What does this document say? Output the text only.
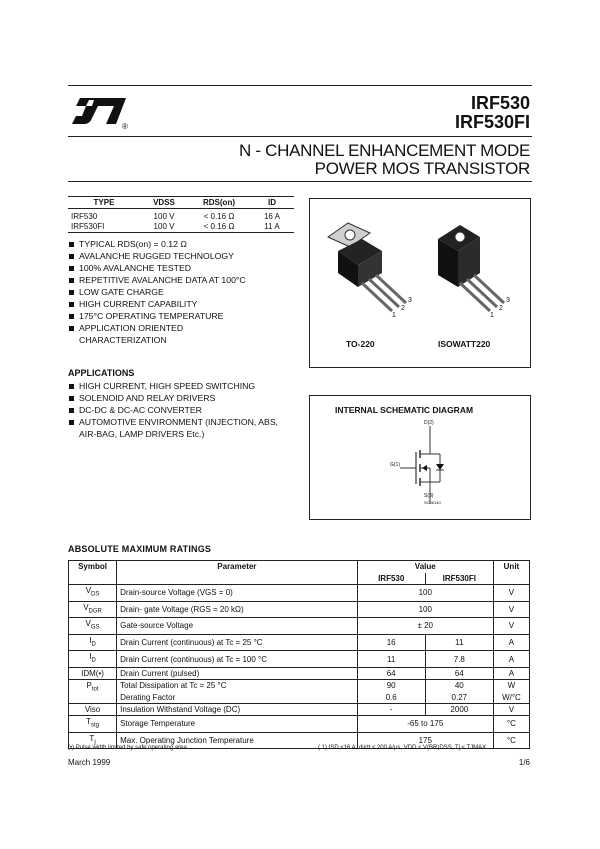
®
IRF530
IRF530FI
N - CHANNEL ENHANCEMENT MODE
POWER MOS TRANSISTOR
TYPE	VDSS	RDS(on)	ID
IRF530	100 V	< 0.16 Ω	16 A
IRF530FI	100 V	< 0.16 Ω	11 A
TYPICAL RDS(on) = 0.12 Ω
AVALANCHE RUGGED TECHNOLOGY
100% AVALANCHE TESTED
REPETITIVE AVALANCHE DATA AT 100°C
LOW GATE CHARGE
HIGH CURRENT CAPABILITY
175°C OPERATING TEMPERATURE
APPLICATION ORIENTED CHARACTERIZATION
APPLICATIONS
HIGH CURRENT, HIGH SPEED SWITCHING
SOLENOID AND RELAY DRIVERS
DC-DC & DC-AC CONVERTER
AUTOMOTIVE ENVIRONMENT (INJECTION, ABS, AIR-BAG, LAMP DRIVERS Etc.)
3
2
1
3
2
1
TO-220	ISOWATT220
INTERNAL SCHEMATIC DIAGRAM
D(2)
G(1)
S(3)
SC06140
ABSOLUTE MAXIMUM RATINGS
Symbol	Parameter	Value		Unit
		IRF530	IRF530FI	
$V_{DS}$	Drain-source Voltage (VGS = 0)	100		V
$V_{DGR}$	Drain- gate Voltage (RGS = 20 kΩ)	100		V
$V_{GS}$	Gate-source Voltage	± 20		V
$I_D$	Drain Current (continuous) at Tc = 25 °C	16	11	A
$I_D$	Drain Current (continuous) at Tc = 100 °C	11	7.8	A
IDM(•)	Drain Current (pulsed)	64	64	A
$P_{tot}$	Total Dissipation at Tc = 25 °C	90	40	W
	Derating Factor	0.6	0.27	W/°C
Viso	Insulation Withstand Voltage (DC)	-	2000	V
$T_{stg}$	Storage Temperature	-65 to 175		°C
$T_j$	Max. Operating Junction Temperature	175		°C
(•) Pulse width limited by safe operating area	( 1) ISD ≤16 A, di/dt ≤ 200 A/µs, VDD ≤ V(BR)DSS, Tj ≤ TJMAX
March 1999	1/6
